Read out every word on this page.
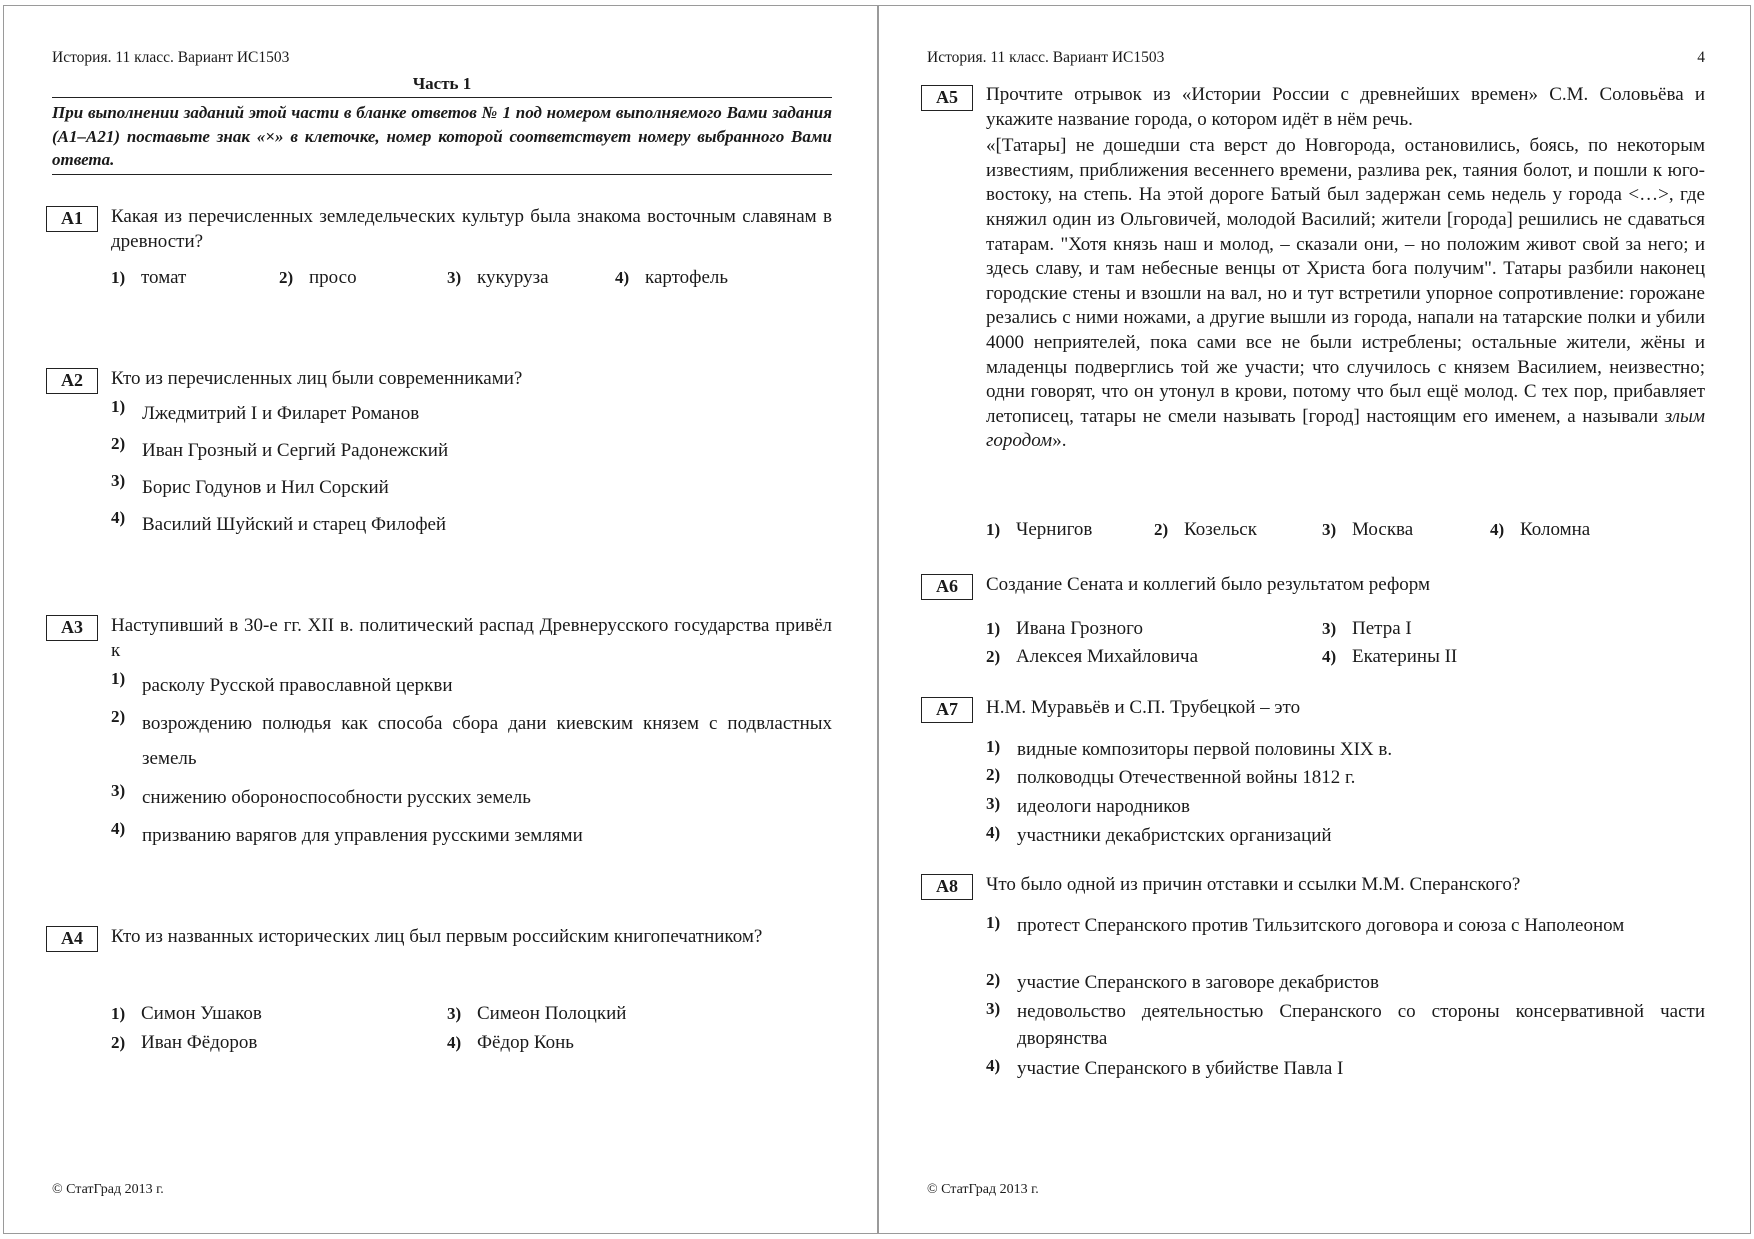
История. 11 класс. Вариант ИС1503
Часть 1
При выполнении заданий этой части в бланке ответов № 1 под номером выполняемого Вами задания (А1–А21) поставьте знак «×» в клеточке, номер которой соответствует номеру выбранного Вами ответа.
А1	Какая из перечисленных земледельческих культур была знакома восточным славянам в древности?
1) томат	2) просо	3) кукуруза	4) картофель
А2	Кто из перечисленных лиц были современниками?
1) Лжедмитрий I и Филарет Романов
2) Иван Грозный и Сергий Радонежский
3) Борис Годунов и Нил Сорский
4) Василий Шуйский и старец Филофей
А3	Наступивший в 30-е гг. XII в. политический распад Древнерусского государства привёл к
1) расколу Русской православной церкви
2) возрождению полюдья как способа сбора дани киевским князем с подвластных земель
3) снижению обороноспособности русских земель
4) призванию варягов для управления русскими землями
А4	Кто из названных исторических лиц был первым российским книгопечатником?
1) Симон Ушаков
2) Иван Фёдоров
3) Симеон Полоцкий
4) Фёдор Конь
© СтатГрад 2013 г.
История. 11 класс. Вариант ИС1503	4
А5	Прочтите отрывок из «Истории России с древнейших времен» С.М. Соловьёва и укажите название города, о котором идёт в нём речь.
«[Татары] не дошедши ста верст до Новгорода, остановились, боясь, по некоторым известиям, приближения весеннего времени, разлива рек, таяния болот, и пошли к юго-востоку, на степь. На этой дороге Батый был задержан семь недель у города <…>, где княжил один из Ольговичей, молодой Василий; жители [города] решились не сдаваться татарам. "Хотя князь наш и молод, – сказали они, – но положим живот свой за него; и здесь славу, и там небесные венцы от Христа бога получим". Татары разбили наконец городские стены и взошли на вал, но и тут встретили упорное сопротивление: горожане резались с ними ножами, а другие вышли из города, напали на татарские полки и убили 4000 неприятелей, пока сами все не были истреблены; остальные жители, жёны и младенцы подверглись той же участи; что случилось с князем Василием, неизвестно; одни говорят, что он утонул в крови, потому что был ещё молод. С тех пор, прибавляет летописец, татары не смели называть [город] настоящим его именем, а называли злым городом».
1) Чернигов	2) Козельск	3) Москва	4) Коломна
А6	Создание Сената и коллегий было результатом реформ
1) Ивана Грозного
2) Алексея Михайловича
3) Петра I
4) Екатерины II
А7	Н.М. Муравьёв и С.П. Трубецкой – это
1) видные композиторы первой половины XIX в.
2) полководцы Отечественной войны 1812 г.
3) идеологи народников
4) участники декабристских организаций
А8	Что было одной из причин отставки и ссылки М.М. Сперанского?
1) протест Сперанского против Тильзитского договора и союза с Наполеоном
2) участие Сперанского в заговоре декабристов
3) недовольство деятельностью Сперанского со стороны консервативной части дворянства
4) участие Сперанского в убийстве Павла I
© СтатГрад 2013 г.
